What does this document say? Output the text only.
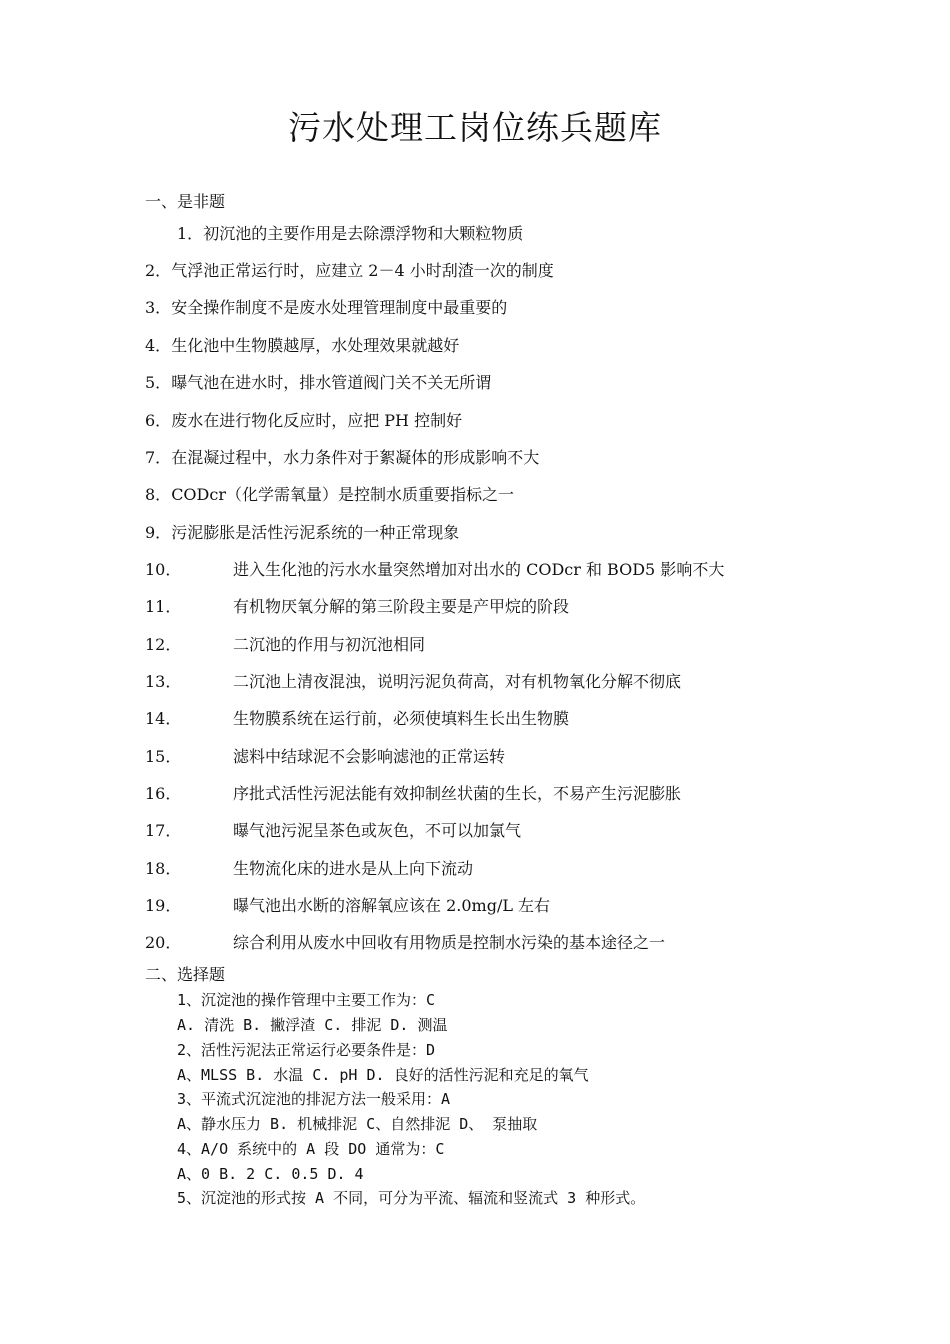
污水处理工岗位练兵题库
一、是非题
1．初沉池的主要作用是去除漂浮物和大颗粒物质
2．气浮池正常运行时，应建立 2－4 小时刮渣一次的制度
3．安全操作制度不是废水处理管理制度中最重要的
4．生化池中生物膜越厚，水处理效果就越好
5．曝气池在进水时，排水管道阀门关不关无所谓
6．废水在进行物化反应时，应把 PH 控制好
7．在混凝过程中，水力条件对于絮凝体的形成影响不大
8．CODcr（化学需氧量）是控制水质重要指标之一
9．污泥膨胀是活性污泥系统的一种正常现象
10．	进入生化池的污水水量突然增加对出水的 CODcr 和 BOD5 影响不大
11．	有机物厌氧分解的第三阶段主要是产甲烷的阶段
12．	二沉池的作用与初沉池相同
13．	二沉池上清夜混浊，说明污泥负荷高，对有机物氧化分解不彻底
14．	生物膜系统在运行前，必须使填料生长出生物膜
15．	滤料中结球泥不会影响滤池的正常运转
16．	序批式活性污泥法能有效抑制丝状菌的生长，不易产生污泥膨胀
17．	曝气池污泥呈茶色或灰色，不可以加氯气
18．	生物流化床的进水是从上向下流动
19．	曝气池出水断的溶解氧应该在 2.0mg/L 左右
20．	综合利用从废水中回收有用物质是控制水污染的基本途径之一
二、选择题
1、沉淀池的操作管理中主要工作为：C
A. 清洗 B. 撇浮渣 C. 排泥 D. 测温
2、活性污泥法正常运行必要条件是：D
A、MLSS B. 水温 C. pH D. 良好的活性污泥和充足的氧气
3、平流式沉淀池的排泥方法一般采用：A
A、静水压力 B. 机械排泥 C、自然排泥 D、 泵抽取
4、A/O 系统中的 A 段 DO 通常为：C
A、0 B. 2 C. 0.5 D. 4
5、沉淀池的形式按 A 不同，可分为平流、辐流和竖流式 3 种形式。
